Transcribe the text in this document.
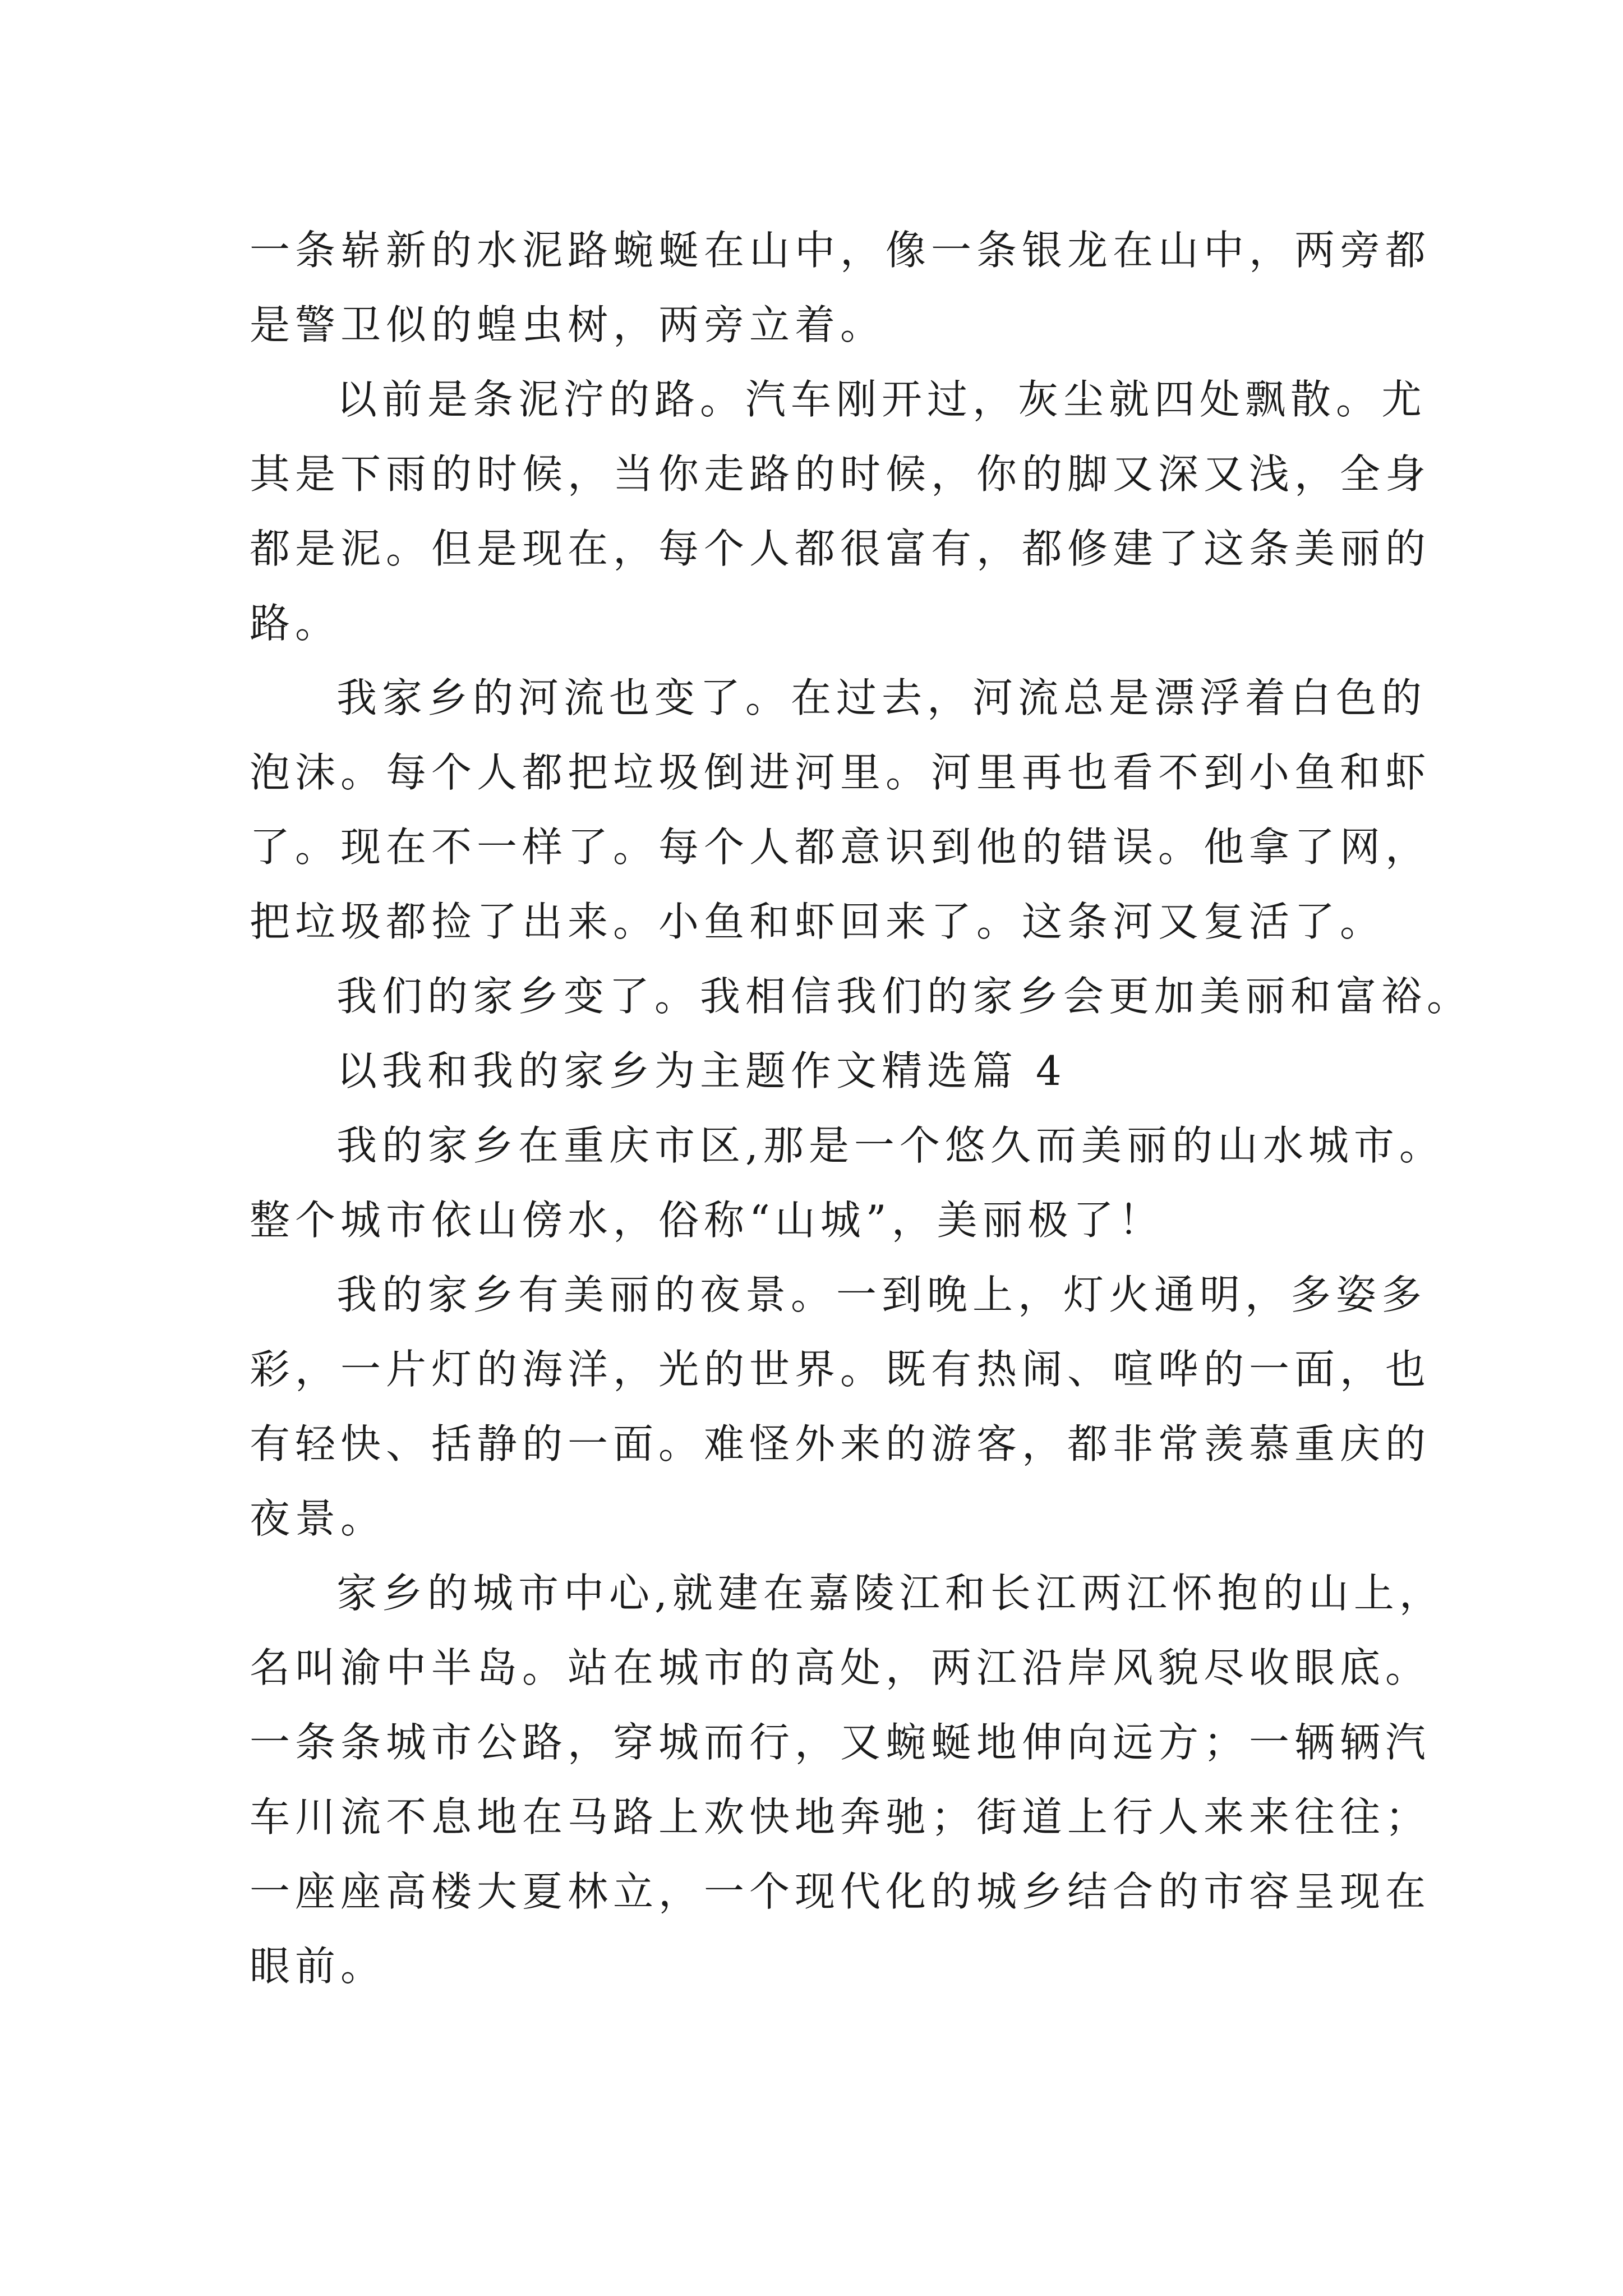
一条崭新的水泥路蜿蜒在山中，像一条银龙在山中，两旁都
是警卫似的蝗虫树，两旁立着。
以前是条泥泞的路。汽车刚开过，灰尘就四处飘散。尤
其是下雨的时候，当你走路的时候，你的脚又深又浅，全身
都是泥。但是现在，每个人都很富有，都修建了这条美丽的
路。
我家乡的河流也变了。在过去，河流总是漂浮着白色的
泡沫。每个人都把垃圾倒进河里。河里再也看不到小鱼和虾
了。现在不一样了。每个人都意识到他的错误。他拿了网，
把垃圾都捡了出来。小鱼和虾回来了。这条河又复活了。
我们的家乡变了。我相信我们的家乡会更加美丽和富裕。
以我和我的家乡为主题作文精选篇 4
我的家乡在重庆市区,那是一个悠久而美丽的山水城市。
整个城市依山傍水，俗称“山城”，美丽极了！
我的家乡有美丽的夜景。一到晚上，灯火通明，多姿多
彩，一片灯的海洋，光的世界。既有热闹、喧哗的一面，也
有轻快、括静的一面。难怪外来的游客，都非常羡慕重庆的
夜景。
家乡的城市中心,就建在嘉陵江和长江两江怀抱的山上，
名叫渝中半岛。站在城市的高处，两江沿岸风貌尽收眼底。
一条条城市公路，穿城而行，又蜿蜒地伸向远方；一辆辆汽
车川流不息地在马路上欢快地奔驰；街道上行人来来往往；
一座座高楼大夏林立，一个现代化的城乡结合的市容呈现在
眼前。
